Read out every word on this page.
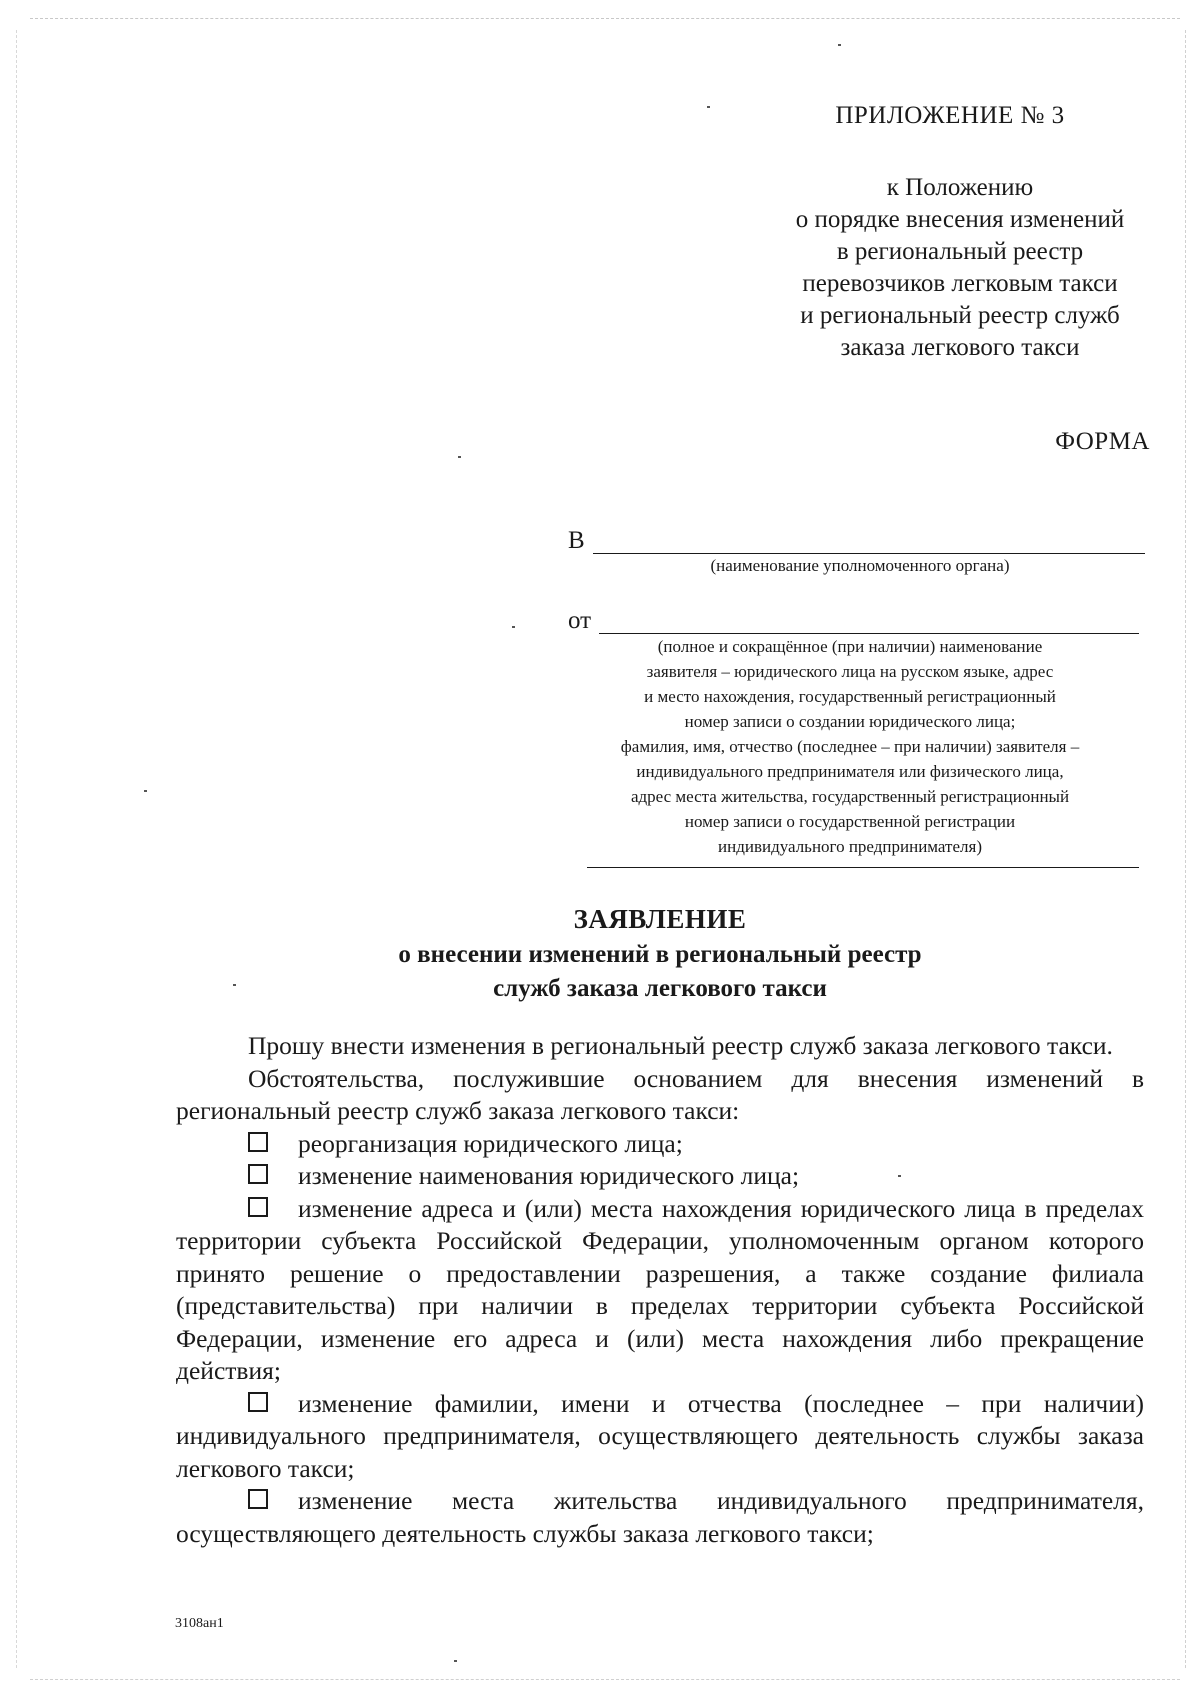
ПРИЛОЖЕНИЕ № 3
к Положению
о порядке внесения изменений
в региональный реестр
перевозчиков легковым такси
и региональный реестр служб
заказа легкового такси
ФОРМА
В
(наименование уполномоченного органа)
от
(полное и сокращённое (при наличии) наименование
заявителя – юридического лица на русском языке, адрес
и место нахождения, государственный регистрационный
номер записи о создании юридического лица;
фамилия, имя, отчество (последнее – при наличии) заявителя –
индивидуального предпринимателя или физического лица,
адрес места жительства, государственный регистрационный
номер записи о государственной регистрации
индивидуального предпринимателя)
ЗАЯВЛЕНИЕ
о внесении изменений в региональный реестр
служб заказа легкового такси

Прошу внести изменения в региональный реестр служб заказа легкового такси.

Обстоятельства, послужившие основанием для внесения изменений в региональный реестр служб заказа легкового такси:

реорганизация юридического лица;

изменение наименования юридического лица;

изменение адреса и (или) места нахождения юридического лица в пределах территории субъекта Российской Федерации, уполномоченным органом которого принято решение о предоставлении разрешения, а также создание филиала (представительства) при наличии в пределах территории субъекта Российской Федерации, изменение его адреса и (или) места нахождения либо прекращение действия;

изменение фамилии, имени и отчества (последнее – при наличии) индивидуального предпринимателя, осуществляющего деятельность службы заказа легкового такси;

изменение места жительства индивидуального предпринимателя, осуществляющего деятельность службы заказа легкового такси;

3108ан1
